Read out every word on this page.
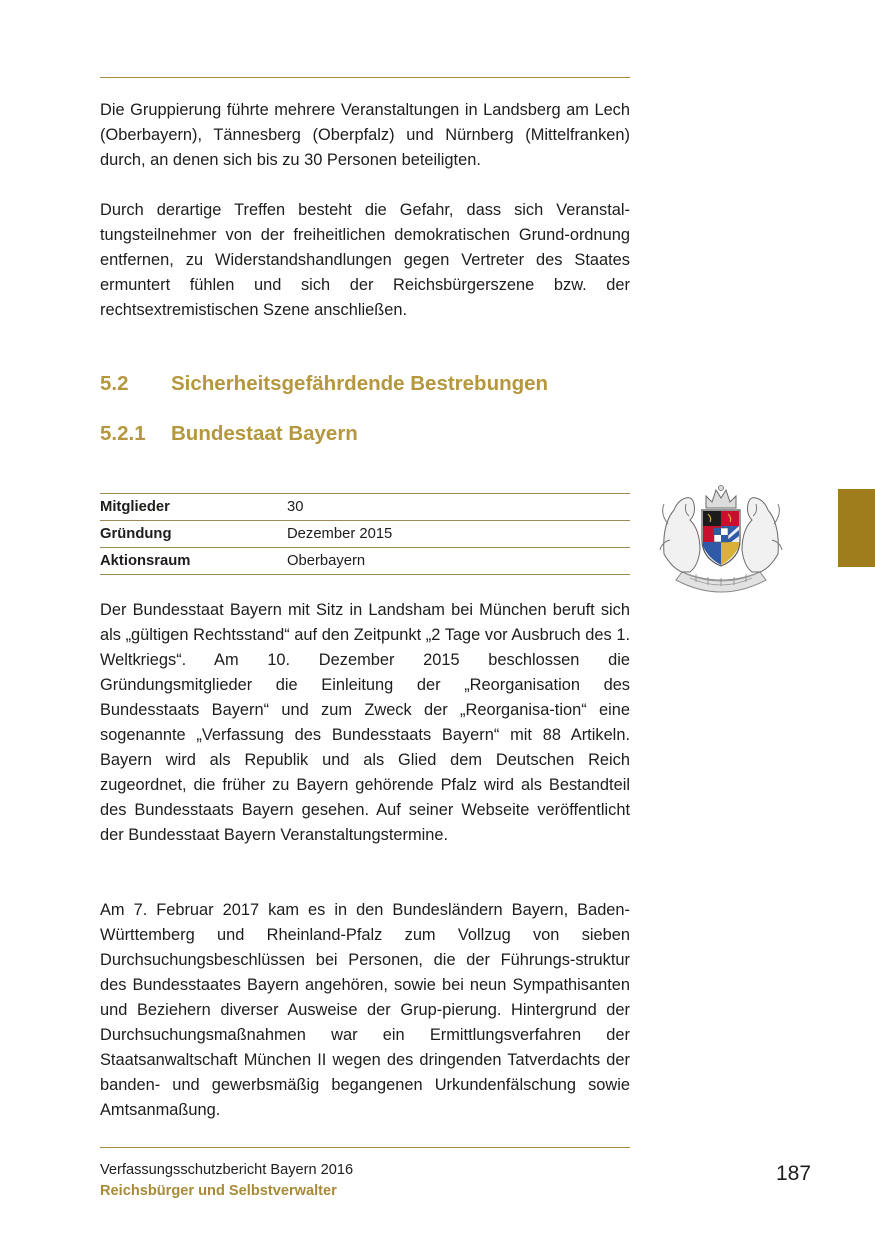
Die Gruppierung führte mehrere Veranstaltungen in Landsberg am Lech (Oberbayern), Tännesberg (Oberpfalz) und Nürnberg (Mittelfranken) durch, an denen sich bis zu 30 Personen beteiligten.

Durch derartige Treffen besteht die Gefahr, dass sich Veranstal-tungsteilnehmer von der freiheitlichen demokratischen Grund-ordnung entfernen, zu Widerstandshandlungen gegen Vertreter des Staates ermuntert fühlen und sich der Reichsbürgerszene bzw. der rechtsextremistischen Szene anschließen.

5.2 Sicherheitsgefährdende Bestrebungen
5.2.1 Bundestaat Bayern
Mitglieder	30
Gründung	Dezember 2015
Aktionsraum	Oberbayern

Der Bundesstaat Bayern mit Sitz in Landsham bei München beruft sich als „gültigen Rechtsstand“ auf den Zeitpunkt „2 Tage vor Ausbruch des 1. Weltkriegs“. Am 10. Dezember 2015 beschlossen die Gründungsmitglieder die Einleitung der „Reorganisation des Bundesstaats Bayern“ und zum Zweck der „Reorganisa-tion“ eine sogenannte „Verfassung des Bundesstaats Bayern“ mit 88 Artikeln. Bayern wird als Republik und als Glied dem Deutschen Reich zugeordnet, die früher zu Bayern gehörende Pfalz wird als Bestandteil des Bundesstaats Bayern gesehen. Auf seiner Webseite veröffentlicht der Bundesstaat Bayern Veranstaltungstermine.

Am 7. Februar 2017 kam es in den Bundesländern Bayern, Baden-Württemberg und Rheinland-Pfalz zum Vollzug von sieben Durchsuchungsbeschlüssen bei Personen, die der Führungs-struktur des Bundesstaates Bayern angehören, sowie bei neun Sympathisanten und Beziehern diverser Ausweise der Grup-pierung. Hintergrund der Durchsuchungsmaßnahmen war ein Ermittlungsverfahren der Staatsanwaltschaft München II wegen des dringenden Tatverdachts der banden- und gewerbsmäßig begangenen Urkundenfälschung sowie Amtsanmaßung.

Verfassungsschutzbericht Bayern 2016
Reichsbürger und Selbstverwalter
187
